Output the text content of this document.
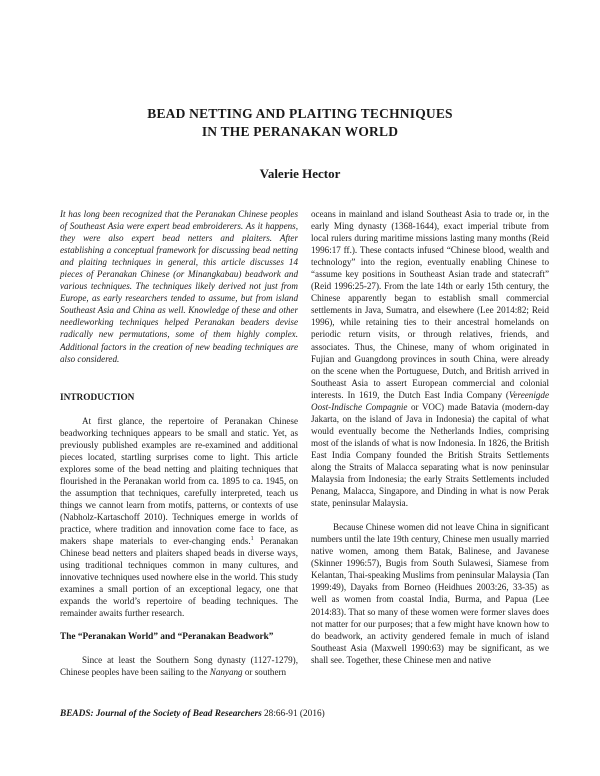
BEAD NETTING AND PLAITING TECHNIQUES
IN THE PERANAKAN WORLD
Valerie Hector

It has long been recognized that the Peranakan Chinese peoples of Southeast Asia were expert bead embroiderers. As it happens, they were also expert bead netters and plaiters. After establishing a conceptual framework for discussing bead netting and plaiting techniques in general, this article discusses 14 pieces of Peranakan Chinese (or Minangkabau) beadwork and various techniques. The techniques likely derived not just from Europe, as early researchers tended to assume, but from island Southeast Asia and China as well. Knowledge of these and other needleworking techniques helped Peranakan beaders devise radically new permutations, some of them highly complex. Additional factors in the creation of new beading techniques are also considered.

INTRODUCTION

At first glance, the repertoire of Peranakan Chinese beadworking techniques appears to be small and static. Yet, as previously published examples are re-examined and additional pieces located, startling surprises come to light. This article explores some of the bead netting and plaiting techniques that flourished in the Peranakan world from ca. 1895 to ca. 1945, on the assumption that techniques, carefully interpreted, teach us things we cannot learn from motifs, patterns, or contexts of use (Nabholz-Kartaschoff 2010). Techniques emerge in worlds of practice, where tradition and innovation come face to face, as makers shape materials to ever-changing ends.$^1$ Peranakan Chinese bead netters and plaiters shaped beads in diverse ways, using traditional techniques common in many cultures, and innovative techniques used nowhere else in the world. This study examines a small portion of an exceptional legacy, one that expands the world’s repertoire of beading techniques. The remainder awaits further research.

The “Peranakan World” and “Peranakan Beadwork”

Since at least the Southern Song dynasty (1127-1279), Chinese peoples have been sailing to the Nanyang or southern

oceans in mainland and island Southeast Asia to trade or, in the early Ming dynasty (1368-1644), exact imperial tribute from local rulers during maritime missions lasting many months (Reid 1996:17 ff.). These contacts infused “Chinese blood, wealth and technology” into the region, eventually enabling Chinese to “assume key positions in Southeast Asian trade and statecraft” (Reid 1996:25-27). From the late 14th or early 15th century, the Chinese apparently began to establish small commercial settlements in Java, Sumatra, and elsewhere (Lee 2014:82; Reid 1996), while retaining ties to their ancestral homelands on periodic return visits, or through relatives, friends, and associates. Thus, the Chinese, many of whom originated in Fujian and Guangdong provinces in south China, were already on the scene when the Portuguese, Dutch, and British arrived in Southeast Asia to assert European commercial and colonial interests. In 1619, the Dutch East India Company (Vereenigde Oost-Indische Compagnie or VOC) made Batavia (modern-day Jakarta, on the island of Java in Indonesia) the capital of what would eventually become the Netherlands Indies, comprising most of the islands of what is now Indonesia. In 1826, the British East India Company founded the British Straits Settlements along the Straits of Malacca separating what is now peninsular Malaysia from Indonesia; the early Straits Settlements included Penang, Malacca, Singapore, and Dinding in what is now Perak state, peninsular Malaysia.

Because Chinese women did not leave China in significant numbers until the late 19th century, Chinese men usually married native women, among them Batak, Balinese, and Javanese (Skinner 1996:57), Bugis from South Sulawesi, Siamese from Kelantan, Thai-speaking Muslims from peninsular Malaysia (Tan 1999:49), Dayaks from Borneo (Heidhues 2003:26, 33-35) as well as women from coastal India, Burma, and Papua (Lee 2014:83). That so many of these women were former slaves does not matter for our purposes; that a few might have known how to do beadwork, an activity gendered female in much of island Southeast Asia (Maxwell 1990:63) may be significant, as we shall see. Together, these Chinese men and native

BEADS: Journal of the Society of Bead Researchers 28:66-91 (2016)
